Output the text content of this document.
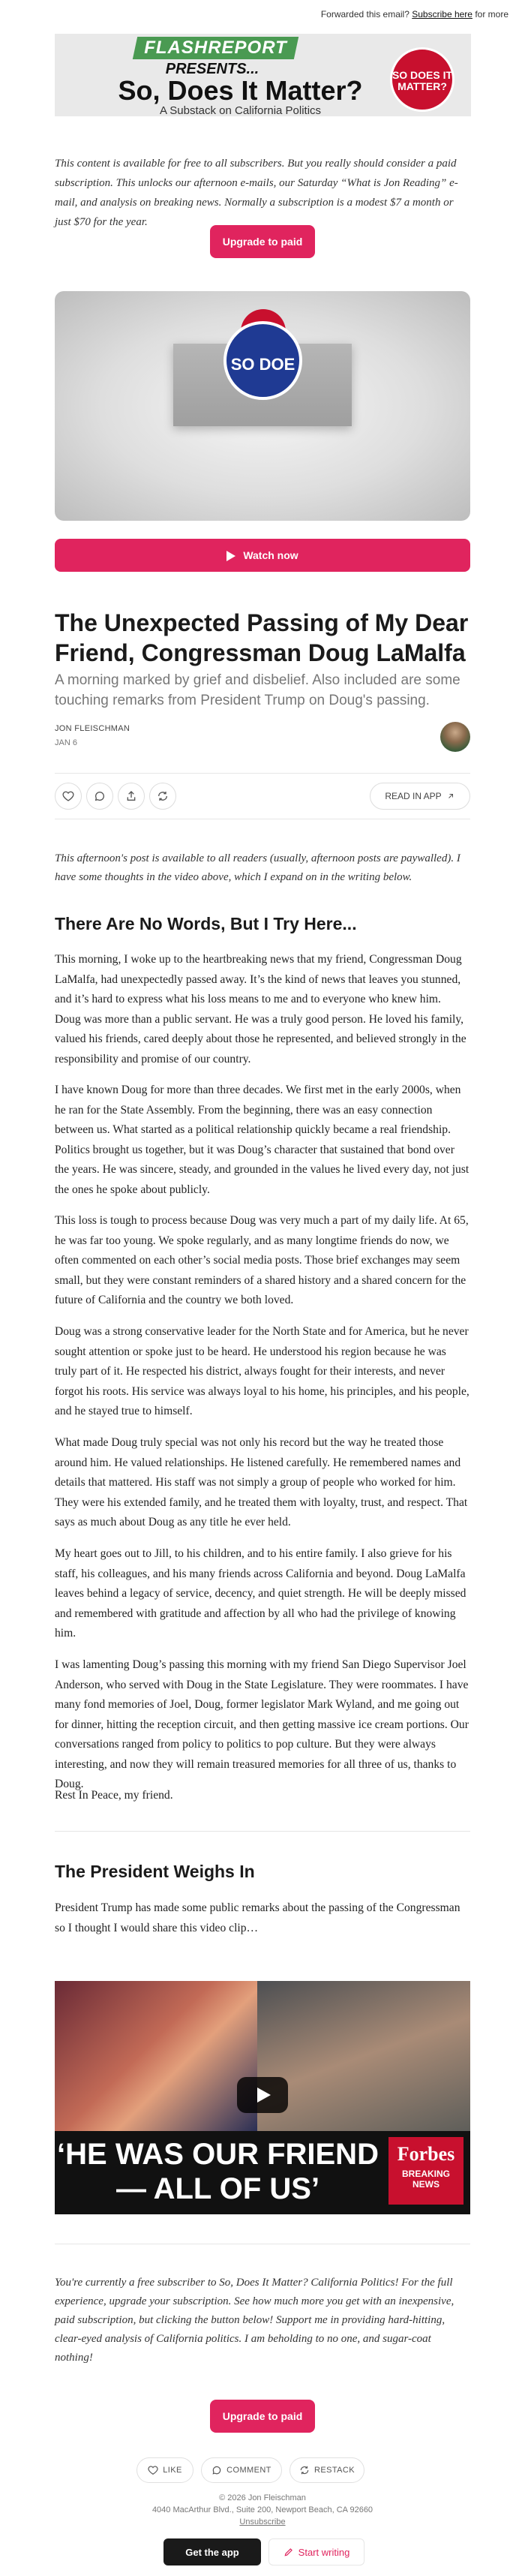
Forwarded this email? Subscribe here for more
FLASHREPORT
PRESENTS...
So, Does It Matter?
A Substack on California Politics
SO DOES IT MATTER?
This content is available for free to all subscribers. But you really should consider a paid subscription. This unlocks our afternoon e-mails, our Saturday “What is Jon Reading” e-mail, and analysis on breaking news. Normally a subscription is a modest $7 a month or just $70 for the year.
Upgrade to paid
SO DOE
Watch now
The Unexpected Passing of My Dear Friend, Congressman Doug LaMalfa
A morning marked by grief and disbelief. Also included are some touching remarks from President Trump on Doug's passing.
JON FLEISCHMAN
JAN 6
READ IN APP
This afternoon's post is available to all readers (usually, afternoon posts are paywalled). I have some thoughts in the video above, which I expand on in the writing below.
There Are No Words, But I Try Here...
This morning, I woke up to the heartbreaking news that my friend, Congressman Doug LaMalfa, had unexpectedly passed away. It’s the kind of news that leaves you stunned, and it’s hard to express what his loss means to me and to everyone who knew him. Doug was more than a public servant. He was a truly good person. He loved his family, valued his friends, cared deeply about those he represented, and believed strongly in the responsibility and promise of our country.
I have known Doug for more than three decades. We first met in the early 2000s, when he ran for the State Assembly. From the beginning, there was an easy connection between us. What started as a political relationship quickly became a real friendship. Politics brought us together, but it was Doug’s character that sustained that bond over the years. He was sincere, steady, and grounded in the values he lived every day, not just the ones he spoke about publicly.
This loss is tough to process because Doug was very much a part of my daily life. At 65, he was far too young. We spoke regularly, and as many longtime friends do now, we often commented on each other’s social media posts. Those brief exchanges may seem small, but they were constant reminders of a shared history and a shared concern for the future of California and the country we both loved.
Doug was a strong conservative leader for the North State and for America, but he never sought attention or spoke just to be heard. He understood his region because he was truly part of it. He respected his district, always fought for their interests, and never forgot his roots. His service was always loyal to his home, his principles, and his people, and he stayed true to himself.
What made Doug truly special was not only his record but the way he treated those around him. He valued relationships. He listened carefully. He remembered names and details that mattered. His staff was not simply a group of people who worked for him. They were his extended family, and he treated them with loyalty, trust, and respect. That says as much about Doug as any title he ever held.
My heart goes out to Jill, to his children, and to his entire family. I also grieve for his staff, his colleagues, and his many friends across California and beyond. Doug LaMalfa leaves behind a legacy of service, decency, and quiet strength. He will be deeply missed and remembered with gratitude and affection by all who had the privilege of knowing him.
I was lamenting Doug’s passing this morning with my friend San Diego Supervisor Joel Anderson, who served with Doug in the State Legislature. They were roommates. I have many fond memories of Joel, Doug, former legislator Mark Wyland, and me going out for dinner, hitting the reception circuit, and then getting massive ice cream portions. Our conversations ranged from policy to politics to pop culture. But they were always interesting, and now they will remain treasured memories for all three of us, thanks to Doug.
Rest In Peace, my friend.
The President Weighs In
President Trump has made some public remarks about the passing of the Congressman so I thought I would share this video clip…
‘HE WAS OUR FRIEND— ALL OF US’
Forbes
BREAKING NEWS
You're currently a free subscriber to So, Does It Matter? California Politics! For the full experience, upgrade your subscription. See how much more you get with an inexpensive, paid subscription, but clicking the button below! Support me in providing hard-hitting, clear-eyed analysis of California politics. I am beholding to no one, and sugar-coat nothing!
Upgrade to paid
LIKE	COMMENT	RESTACK
© 2026 Jon Fleischman
4040 MacArthur Blvd., Suite 200, Newport Beach, CA 92660
Unsubscribe
Get the app	Start writing
